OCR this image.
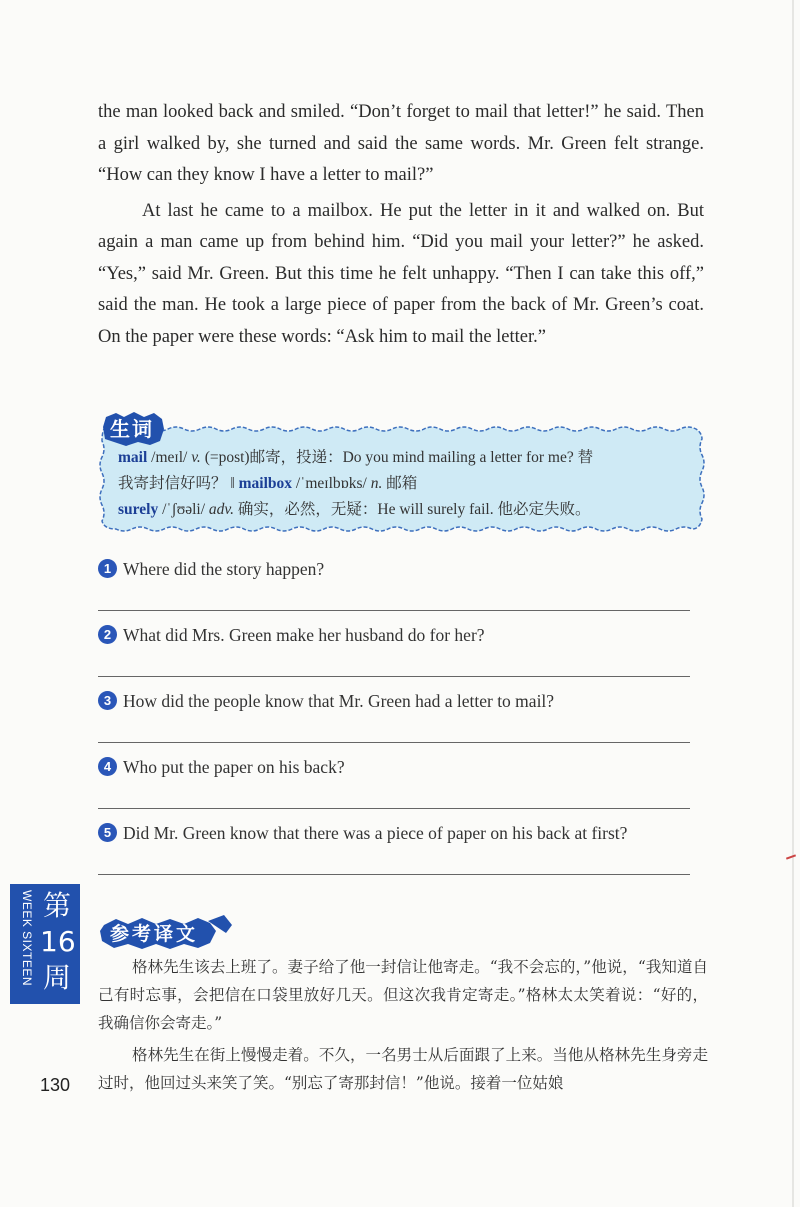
the man looked back and smiled. “Don’t forget to mail that letter!” he said. Then a girl walked by, she turned and said the same words. Mr. Green felt strange. “How can they know I have a letter to mail?”

At last he came to a mailbox. He put the letter in it and walked on. But again a man came up from behind him. “Did you mail your letter?” he asked. “Yes,” said Mr. Green. But this time he felt unhappy. “Then I can take this off,” said the man. He took a large piece of paper from the back of Mr. Green’s coat. On the paper were these words: “Ask him to mail the letter.”

生词
mail /meɪl/ v. (=post)邮寄，投递：Do you mind mailing a letter for me? 替
我寄封信好吗？ ‖ mailbox /ˈmeɪlbɒks/ n. 邮箱
surely /ˈʃʊəli/ adv. 确实，必然，无疑：He will surely fail. 他必定失败。
1 Where did the story happen?
2 What did Mrs. Green make her husband do for her?
3 How did the people know that Mr. Green had a letter to mail?
4 Who put the paper on his back?
5 Did Mr. Green know that there was a piece of paper on his back at first?
WEEK SIXTEEN 第16周
参考译文

格林先生该去上班了。妻子给了他一封信让他寄走。“我不会忘的，”他说，“我知道自己有时忘事，会把信在口袋里放好几天。但这次我肯定寄走。”格林太太笑着说：“好的，我确信你会寄走。”

格林先生在街上慢慢走着。不久，一名男士从后面跟了上来。当他从格林先生身旁走过时，他回过头来笑了笑。“别忘了寄那封信！”他说。接着一位姑娘

130
